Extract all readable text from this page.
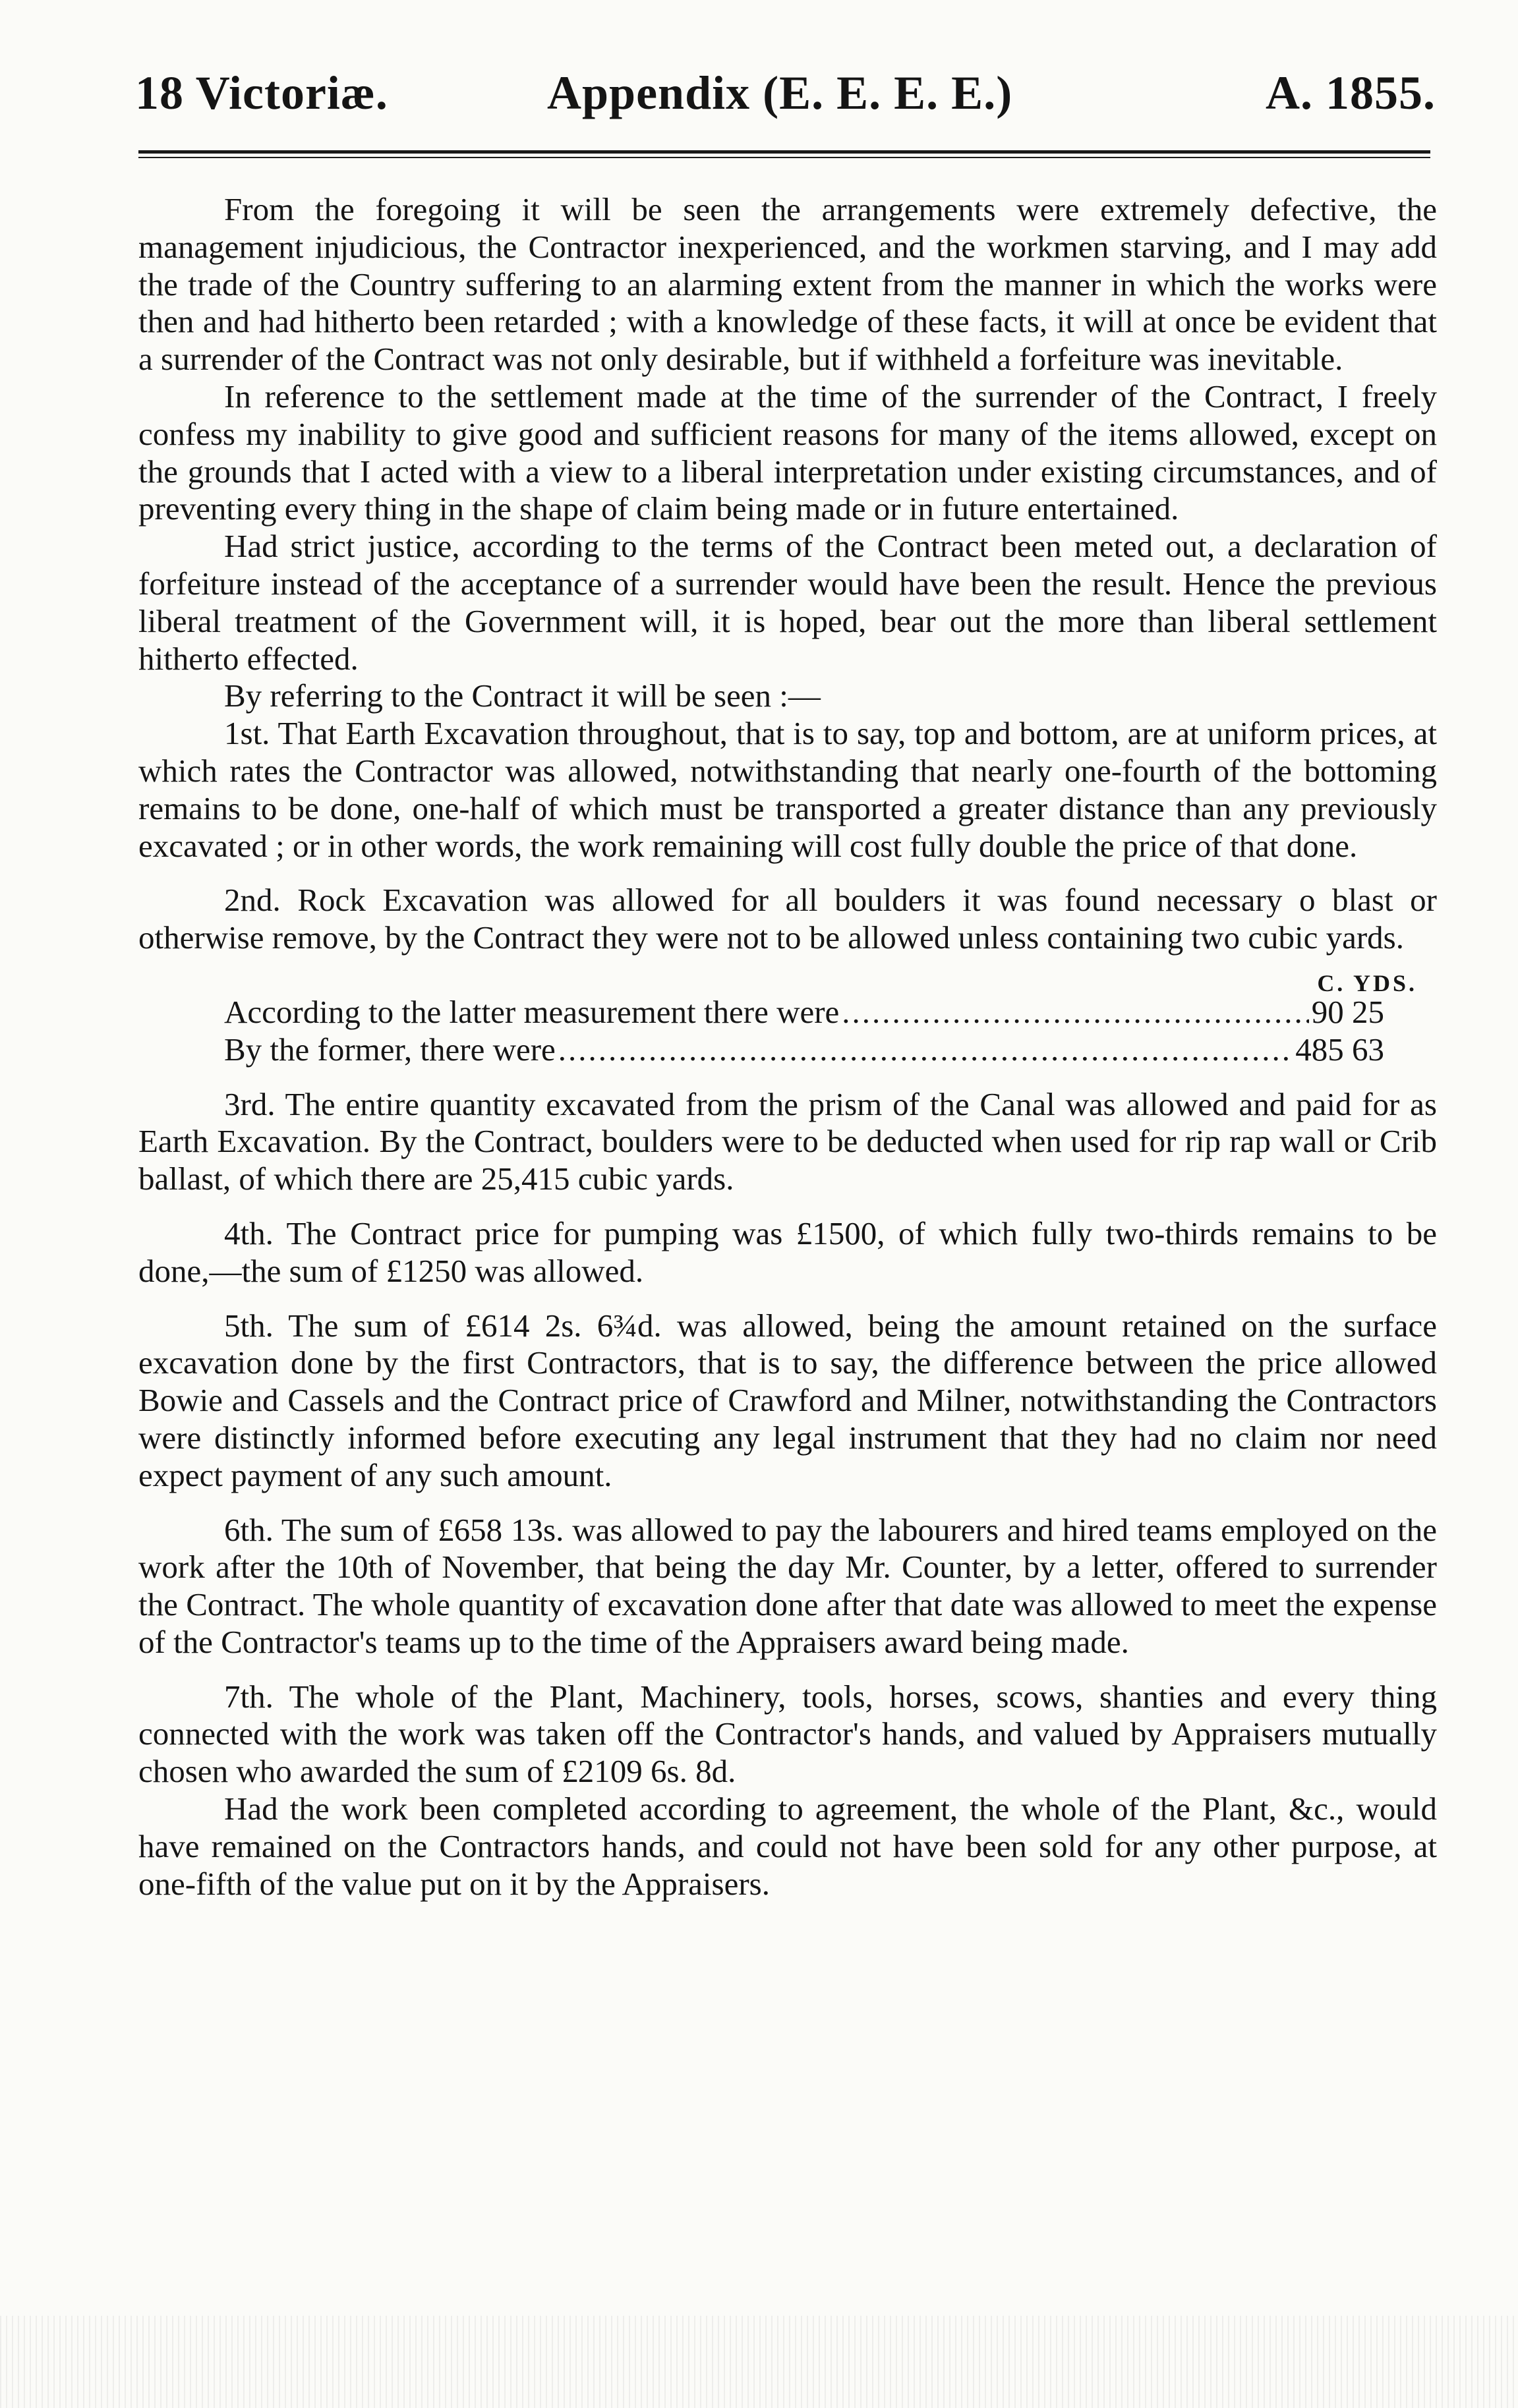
18 Victoriæ.	Appendix (E. E. E. E.)	A. 1855.

From the foregoing it will be seen the arrangements were extremely defective, the management injudicious, the Contractor inexperienced, and the workmen starving, and I may add the trade of the Country suffering to an alarming extent from the manner in which the works were then and had hitherto been retarded ; with a knowledge of these facts, it will at once be evident that a surrender of the Contract was not only desirable, but if withheld a forfeiture was inevitable.

In reference to the settlement made at the time of the surrender of the Contract, I freely confess my inability to give good and sufficient reasons for many of the items allowed, except on the grounds that I acted with a view to a liberal interpretation under existing circumstances, and of preventing every thing in the shape of claim being made or in future entertained.

Had strict justice, according to the terms of the Contract been meted out, a declaration of forfeiture instead of the acceptance of a surrender would have been the result. Hence the previous liberal treatment of the Government will, it is hoped, bear out the more than liberal settlement hitherto effected.

By referring to the Contract it will be seen :—

1st. That Earth Excavation throughout, that is to say, top and bottom, are at uniform prices, at which rates the Contractor was allowed, notwithstanding that nearly one-fourth of the bottoming remains to be done, one-half of which must be transported a greater distance than any previously excavated ; or in other words, the work remaining will cost fully double the price of that done.

2nd. Rock Excavation was allowed for all boulders it was found necessary o blast or otherwise remove, by the Contract they were not to be allowed unless containing two cubic yards.

C. YDS.
According to the latter measurement there were .....	90 25
By the former, there were .....	485 63

3rd. The entire quantity excavated from the prism of the Canal was allowed and paid for as Earth Excavation. By the Contract, boulders were to be deducted when used for rip rap wall or Crib ballast, of which there are 25,415 cubic yards.

4th. The Contract price for pumping was £1500, of which fully two-thirds remains to be done,—the sum of £1250 was allowed.

5th. The sum of £614 2s. 6¾d. was allowed, being the amount retained on the surface excavation done by the first Contractors, that is to say, the difference between the price allowed Bowie and Cassels and the Contract price of Crawford and Milner, notwithstanding the Contractors were distinctly informed before executing any legal instrument that they had no claim nor need expect payment of any such amount.

6th. The sum of £658 13s. was allowed to pay the labourers and hired teams employed on the work after the 10th of November, that being the day Mr. Counter, by a letter, offered to surrender the Contract. The whole quantity of excavation done after that date was allowed to meet the expense of the Contractor's teams up to the time of the Appraisers award being made.

7th. The whole of the Plant, Machinery, tools, horses, scows, shanties and every thing connected with the work was taken off the Contractor's hands, and valued by Appraisers mutually chosen who awarded the sum of £2109 6s. 8d.

Had the work been completed according to agreement, the whole of the Plant, &c., would have remained on the Contractors hands, and could not have been sold for any other purpose, at one-fifth of the value put on it by the Appraisers.
